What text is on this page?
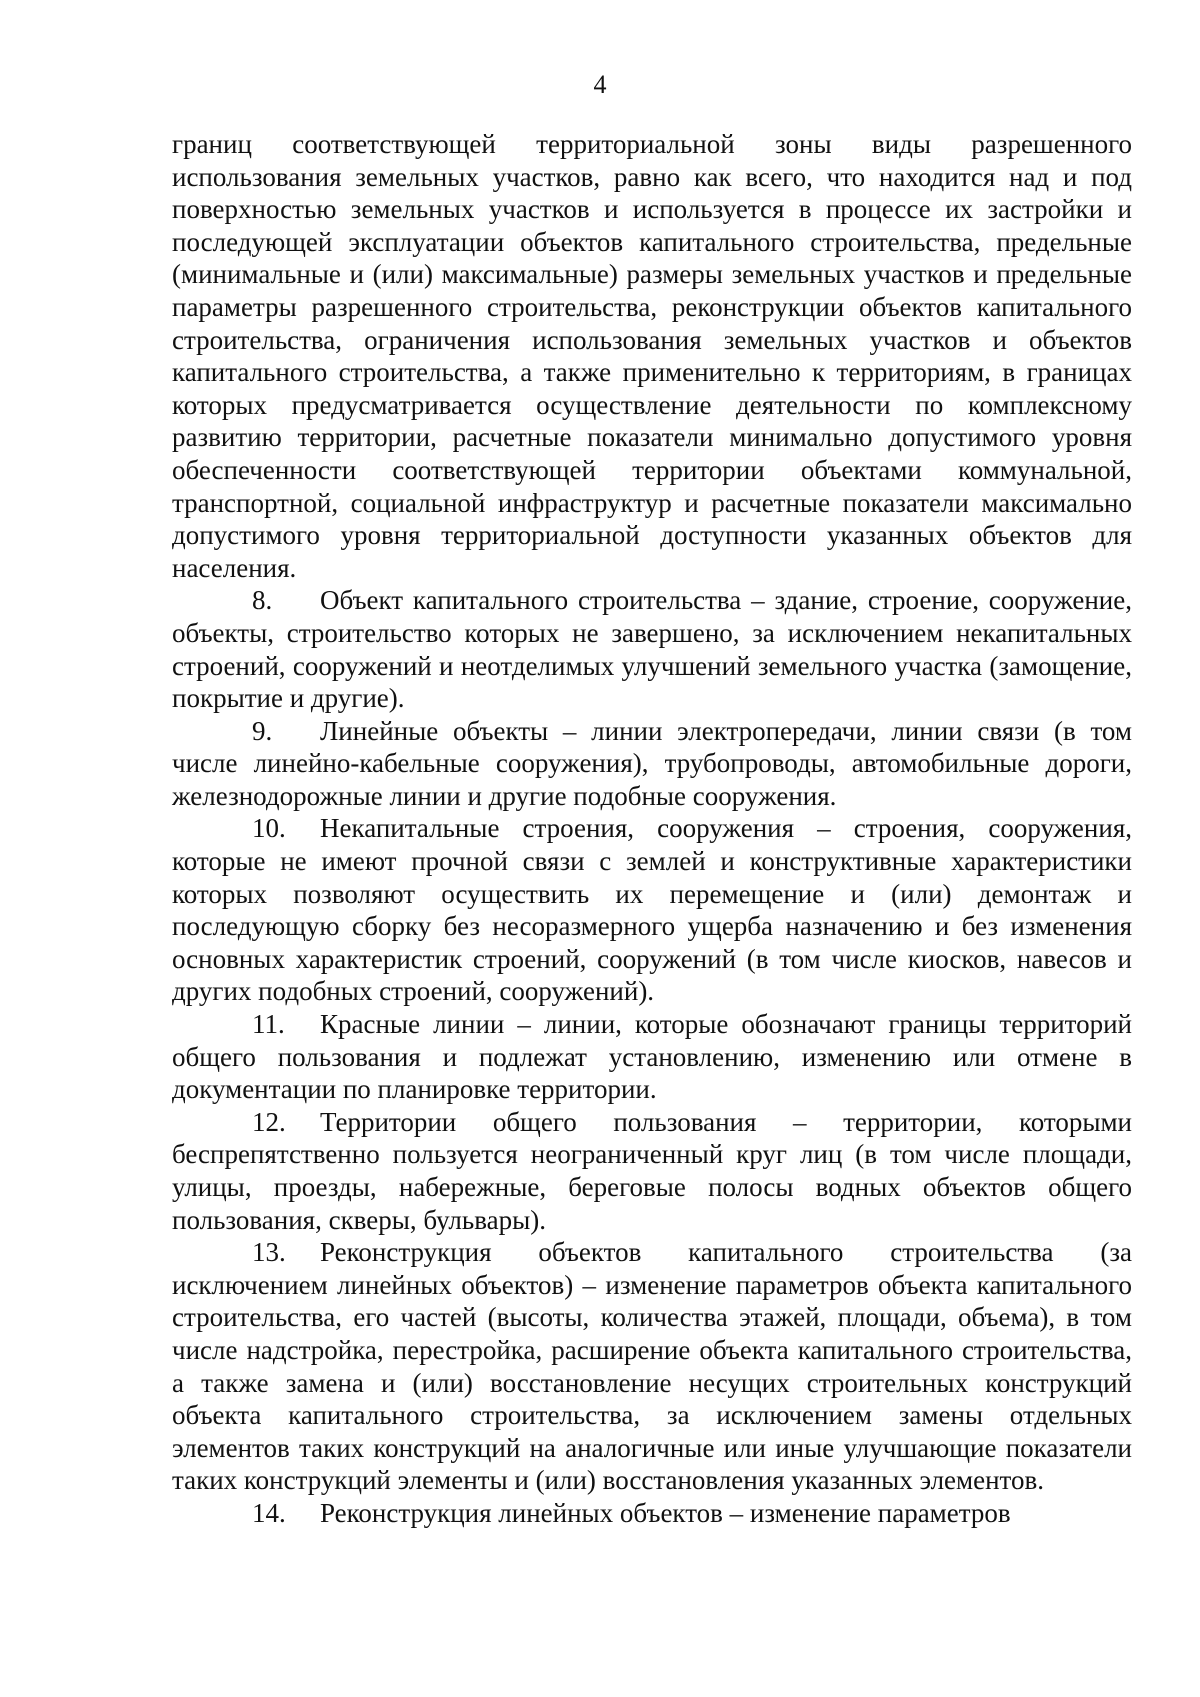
4

границ соответствующей территориальной зоны виды разрешенного использования земельных участков, равно как всего, что находится над и под поверхностью земельных участков и используется в процессе их застройки и последующей эксплуатации объектов капитального строительства, предельные (минимальные и (или) максимальные) размеры земельных участков и предельные параметры разрешенного строительства, реконструкции объектов капитального строительства, ограничения использования земельных участков и объектов капитального строительства, а также применительно к территориям, в границах которых предусматривается осуществление деятельности по комплексному развитию территории, расчетные показатели минимально допустимого уровня обеспеченности соответствующей территории объектами коммунальной, транспортной, социальной инфраструктур и расчетные показатели максимально допустимого уровня территориальной доступности указанных объектов для населения.

8. Объект капитального строительства – здание, строение, сооружение, объекты, строительство которых не завершено, за исключением некапитальных строений, сооружений и неотделимых улучшений земельного участка (замощение, покрытие и другие).

9. Линейные объекты – линии электропередачи, линии связи (в том числе линейно-кабельные сооружения), трубопроводы, автомобильные дороги, железнодорожные линии и другие подобные сооружения.

10. Некапитальные строения, сооружения – строения, сооружения, которые не имеют прочной связи с землей и конструктивные характеристики которых позволяют осуществить их перемещение и (или) демонтаж и последующую сборку без несоразмерного ущерба назначению и без изменения основных характеристик строений, сооружений (в том числе киосков, навесов и других подобных строений, сооружений).

11. Красные линии – линии, которые обозначают границы территорий общего пользования и подлежат установлению, изменению или отмене в документации по планировке территории.

12. Территории общего пользования – территории, которыми беспрепятственно пользуется неограниченный круг лиц (в том числе площади, улицы, проезды, набережные, береговые полосы водных объектов общего пользования, скверы, бульвары).

13. Реконструкция объектов капитального строительства (за исключением линейных объектов) – изменение параметров объекта капитального строительства, его частей (высоты, количества этажей, площади, объема), в том числе надстройка, перестройка, расширение объекта капитального строительства, а также замена и (или) восстановление несущих строительных конструкций объекта капитального строительства, за исключением замены отдельных элементов таких конструкций на аналогичные или иные улучшающие показатели таких конструкций элементы и (или) восстановления указанных элементов.

14. Реконструкция линейных объектов – изменение параметров
